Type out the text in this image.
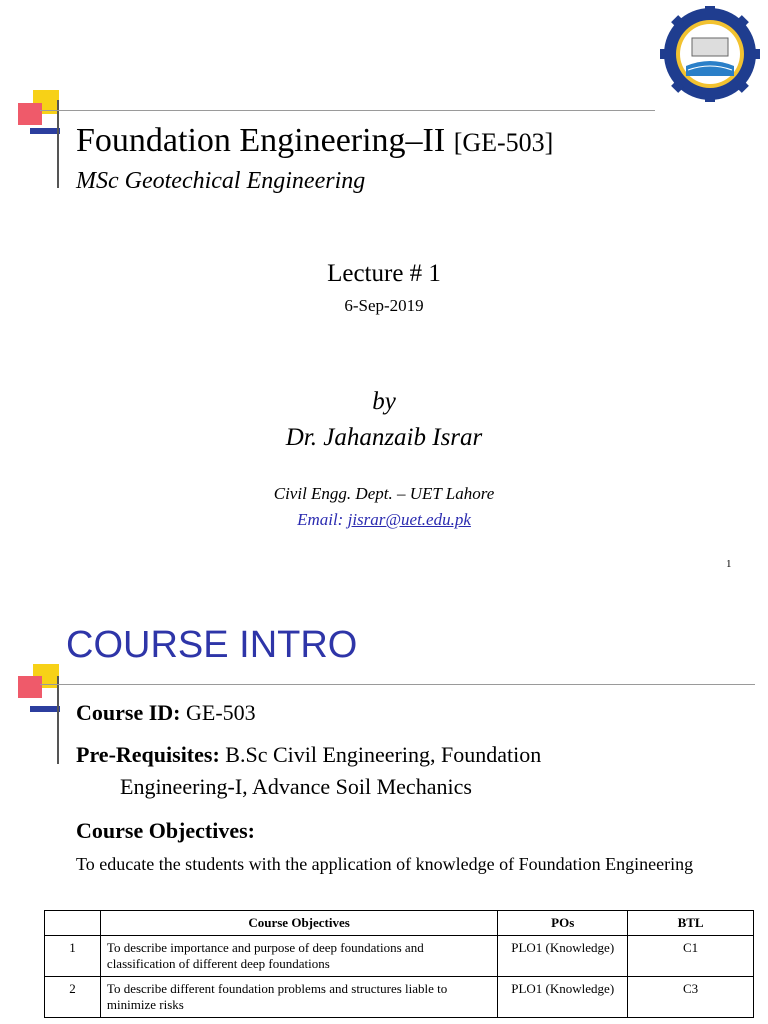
Foundation Engineering–II [GE-503]
MSc Geotechical Engineering
Lecture # 1
6-Sep-2019
by
Dr. Jahanzaib Israr
Civil Engg. Dept. – UET Lahore
Email: jisrar@uet.edu.pk
1
COURSE INTRO
Course ID: GE-503
Pre-Requisites: B.Sc Civil Engineering, Foundation
Engineering-I, Advance Soil Mechanics
Course Objectives:
To educate the students with the application of knowledge of Foundation Engineering
	Course Objectives	POs	BTL
1	To describe importance and purpose of deep foundations and classification of different deep foundations	PLO1 (Knowledge)	C1
2	To describe different foundation problems and structures liable to minimize risks	PLO1 (Knowledge)	C3
